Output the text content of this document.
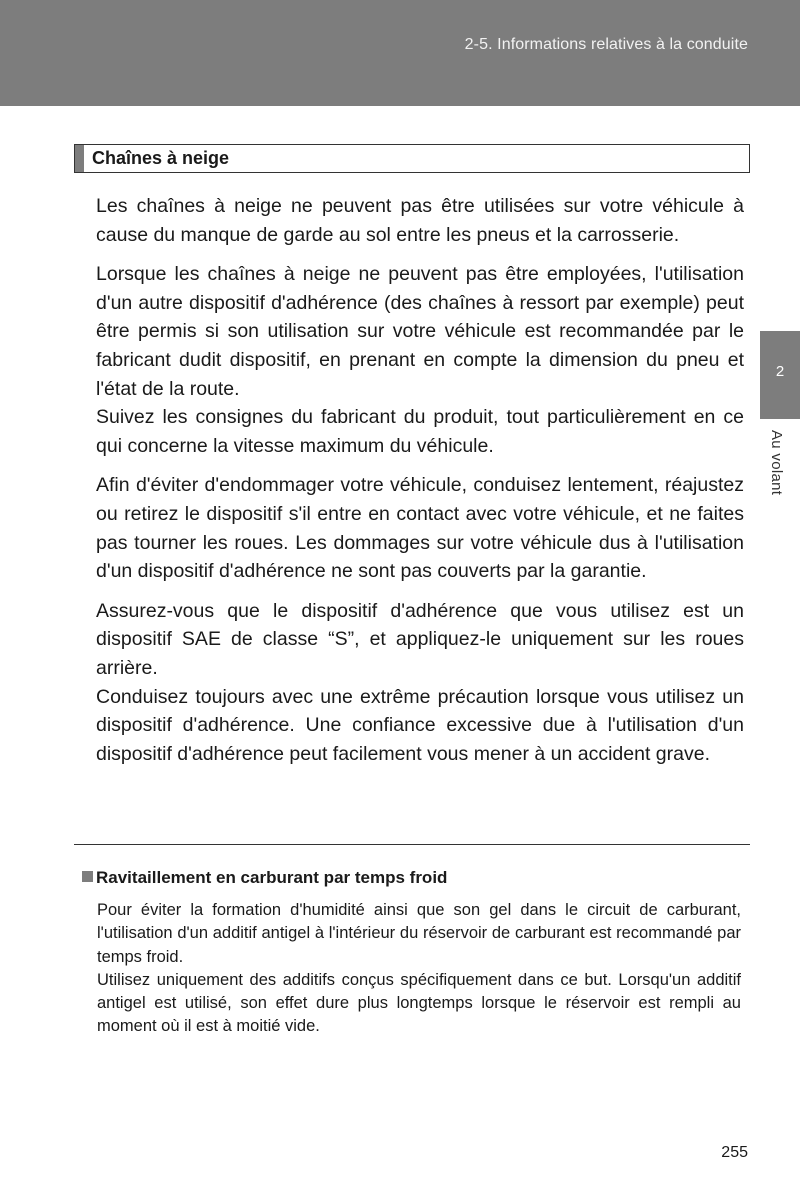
2-5. Informations relatives à la conduite
2
Au volant
Chaînes à neige

Les chaînes à neige ne peuvent pas être utilisées sur votre véhicule à cause du manque de garde au sol entre les pneus et la carrosserie.

Lorsque les chaînes à neige ne peuvent pas être employées, l'utilisation d'un autre dispositif d'adhérence (des chaînes à ressort par exemple) peut être permis si son utilisation sur votre véhicule est recommandée par le fabricant dudit dispositif, en prenant en compte la dimension du pneu et l'état de la route.

Suivez les consignes du fabricant du produit, tout particulièrement en ce qui concerne la vitesse maximum du véhicule.

Afin d'éviter d'endommager votre véhicule, conduisez lentement, réajustez ou retirez le dispositif s'il entre en contact avec votre véhicule, et ne faites pas tourner les roues. Les dommages sur votre véhicule dus à l'utilisation d'un dispositif d'adhérence ne sont pas couverts par la garantie.

Assurez-vous que le dispositif d'adhérence que vous utilisez est un dispositif SAE de classe “S”, et appliquez-le uniquement sur les roues arrière.

Conduisez toujours avec une extrême précaution lorsque vous utilisez un dispositif d'adhérence. Une confiance excessive due à l'utilisation d'un dispositif d'adhérence peut facilement vous mener à un accident grave.

Ravitaillement en carburant par temps froid

Pour éviter la formation d'humidité ainsi que son gel dans le circuit de carburant, l'utilisation d'un additif antigel à l'intérieur du réservoir de carburant est recommandé par temps froid.

Utilisez uniquement des additifs conçus spécifiquement dans ce but. Lorsqu'un additif antigel est utilisé, son effet dure plus longtemps lorsque le réservoir est rempli au moment où il est à moitié vide.

255
